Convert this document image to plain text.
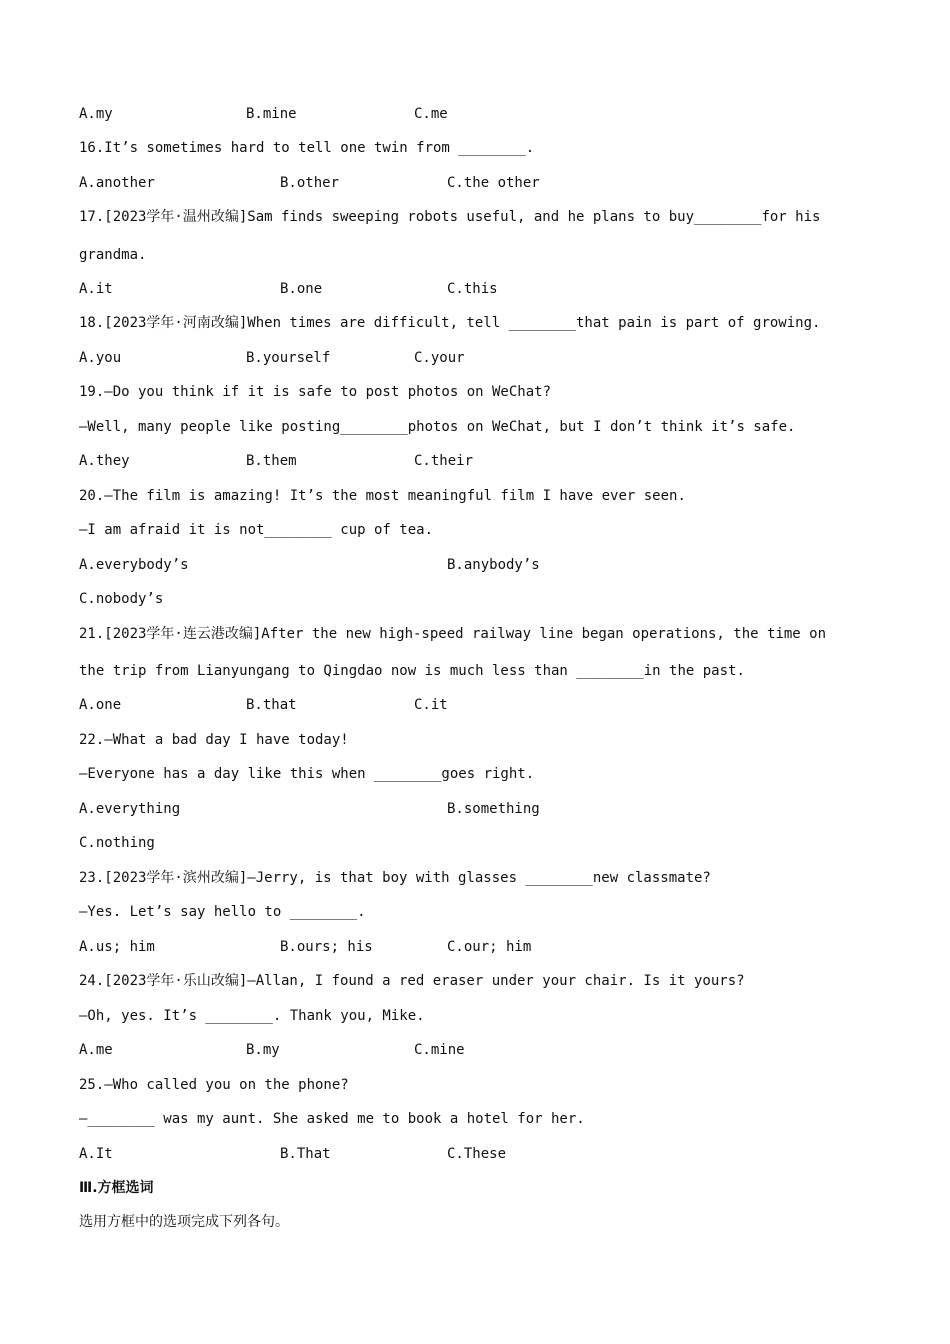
A.my	B.mine	C.me
16.It’s sometimes hard to tell one twin from ________.
A.another	B.other	C.the other
17.[2023学年·温州改编]Sam finds sweeping robots useful, and he plans to buy________for his
grandma.
A.it	B.one	C.this
18.[2023学年·河南改编]When times are difficult, tell ________that pain is part of growing.
A.you	B.yourself	C.your
19.—Do you think if it is safe to post photos on WeChat?
—Well, many people like posting________photos on WeChat, but I don’t think it’s safe.
A.they	B.them	C.their
20.—The film is amazing! It’s the most meaningful film I have ever seen.
—I am afraid it is not________ cup of tea.
A.everybody’s	B.anybody’s
C.nobody’s
21.[2023学年·连云港改编]After the new high-speed railway line began operations, the time on
the trip from Lianyungang to Qingdao now is much less than ________in the past.
A.one	B.that	C.it
22.—What a bad day I have today!
—Everyone has a day like this when ________goes right.
A.everything	B.something
C.nothing
23.[2023学年·滨州改编]—Jerry, is that boy with glasses ________new classmate?
—Yes. Let’s say hello to ________.
A.us; him	B.ours; his	C.our; him
24.[2023学年·乐山改编]—Allan, I found a red eraser under your chair. Is it yours?
—Oh, yes. It’s ________. Thank you, Mike.
A.me	B.my	C.mine
25.—Who called you on the phone?
—________ was my aunt. She asked me to book a hotel for her.
A.It	B.That	C.These
Ⅲ.方框选词
选用方框中的选项完成下列各句。
